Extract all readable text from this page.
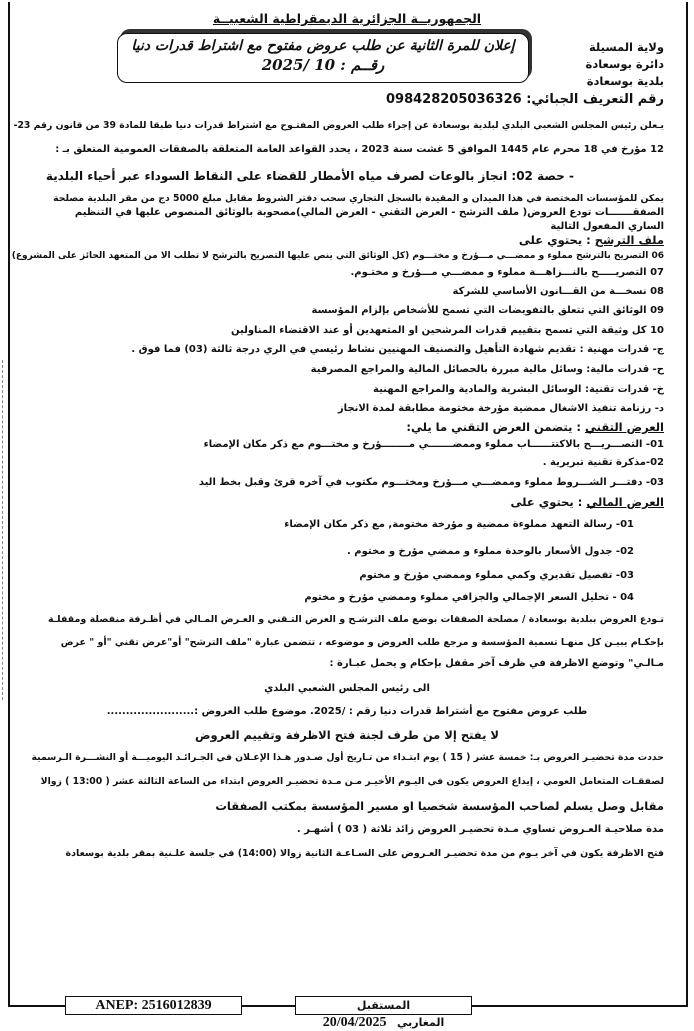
الجمهوريــة الجزائرية الديمقراطية الشعبيــة
إعلان للمرة الثانية عن طلب عروض مفتوح مع اشتراط قدرات دنيا
رقــم : 10 /2025
ولاية المسيلة
دائرة بوسعادة
بلدية بوسعادة
رقم التعريف الجبائي: 098428205036326
يـعلن رئيس المجلس الشعبي البلدي لبلدية بوسعادة عن إجراء طلب العروض المفتـوح مع اشتراط قدرات دنيا طبقا للمادة 39 من قانون رقم 23-
12 مؤرخ في 18 محرم عام 1445 الموافق 5 غشت سنة 2023 ، يحدد القواعد العامة المتعلقة بالصفقات العمومية المتعلق بـ :
- حصة 02: انجاز بالوعات لصرف مياه الأمطار للقضاء على النقاط السوداء عبر أحياء البلدية
يمكن للمؤسسات المختصة في هذا الميدان و المقيدة بالسجل التجاري سحب دفتر الشروط مقابل مبلغ 5000 دج من مقر البلدية مصلحة
الصفقـــــــات تودع العروض( ملف الترشح - العرض التقني - العرض المالي)مصحوبة بالوثائق المنصوص عليها في التنظيم
الساري المفعول التالية
ملف الترشح : يحتوي على
06 التصريح بالترشح مملوء و ممضـــي مـــؤرخ و مختـــوم (كل الوثائق التي ينص عليها التصريح بالترشح لا تطلب الا من المتعهد الحائز على المشروع)
07 التصريـــــح بالنـــزاهـــة مملوء و ممضـــي مـــؤرخ و مختـوم.
08 نسخـــة من القـــانون الأساسي للشركة
09 الوثائق التي تتعلق بالتفويضات التي تسمح للأشخاص بإلزام المؤسسة
10 كل وثيقة التي تسمح بتقييم قدرات المرشحين او المتعهدين أو عند الاقتضاء المناولين
ج- قدرات مهنية : تقديم شهادة التأهيل والتصنيف المهنيين نشاط رئيسي في الري درجة ثالثة (03) فما فوق .
ح- قدرات مالية: وسائل مالية مبررة بالحصائل المالية والمراجع المصرفية
خ- قدرات تقنية: الوسائل البشرية والمادية والمراجع المهنية
د- رزنامة تنفيذ الاشغال ممضية مؤرخة مختومة مطابقة لمدة الانجاز
العرض التقني : يتضمن العرض التقني ما يلي:
01- التصـــريـــح بالاكتتــــــاب مملوء وممضـــــــي مــــــــؤرخ و مختـــوم مع ذكر مكان الإمضاء
02-مذكرة تقنية تبريرية .
03- دفتـــر الشـــروط مملوء وممضـــي مـــؤرخ ومختـــوم مكتوب في آخره قرئ وقبل بخط اليد
العرض المالي : يحتوي على
01- رسالة التعهد مملوءة ممضية و مؤرخة مختومة, مع ذكر مكان الإمضاء
02- جدول الأسعار بالوحدة مملوء و ممضي مؤرخ و مختوم .
03- تفصيل تقديري وكمي مملوء وممضي مؤرخ و مختوم
04 - تحليل السعر الإجمالي والجزافي مملوء وممضي مؤرخ و مختوم
تـودع العروض ببلدية بوسعادة / مصلحة الصفقات بوضع ملف الترشـح و العرض التـقني و العـرض المـالي في أظـرفة منفصلة ومقفلـة
بإحكـام يبيـن كل منهـا تسمية المؤسسة و مرجع طلب العروض و موضوعه ، تتضمن عبارة "ملف الترشح" أو"عرض تقني "أو " عرض
مـالـي" وتوضع الاظرفة في ظرف آخر مقفل بإحكام و يحمل عبـارة :
الى رئيس المجلس الشعبي البلدي
طلب عروض مفتوح مع أشتراط قدرات دنيا رقم : /2025. موضوع طلب العروض :.......................
لا يفتح إلا من طرف لجنة فتح الاظرفة وتقييم العروض
حددت مدة تحضيـر العروض بـ: خمسة عشر ( 15 ) يوم ابتـداء من تـاريخ أول صـدور هـذا الإعـلان في الجـرائـد اليوميـــة أو النشـــرة الـرسمية
لصفقـات المتعامل العومي ، إيداع العروض يكون في اليـوم الأخيـر مـن مـدة تحضيـر العروض ابتداء من الساعة الثالثة عشر ( 13:00 ) زوالا
مقابل وصل يسلم لصاحب المؤسسة شخصيا او مسير المؤسسة بمكتب الصفقات
مدة صلاحيـة العـروض تساوي مـدة تحضيـر العروض زائد ثلاثة ( 03 ) أشهـر .
فتح الاظرفة يكون في آخر يـوم من مدة تحضيـر العـروض على السـاعـة الثانية زوالا (14:00) في جلسة علـنية بمقر بلدية بوسعادة
ANEP: 2516012839	المستقبل المغاربي   20/04/2025
